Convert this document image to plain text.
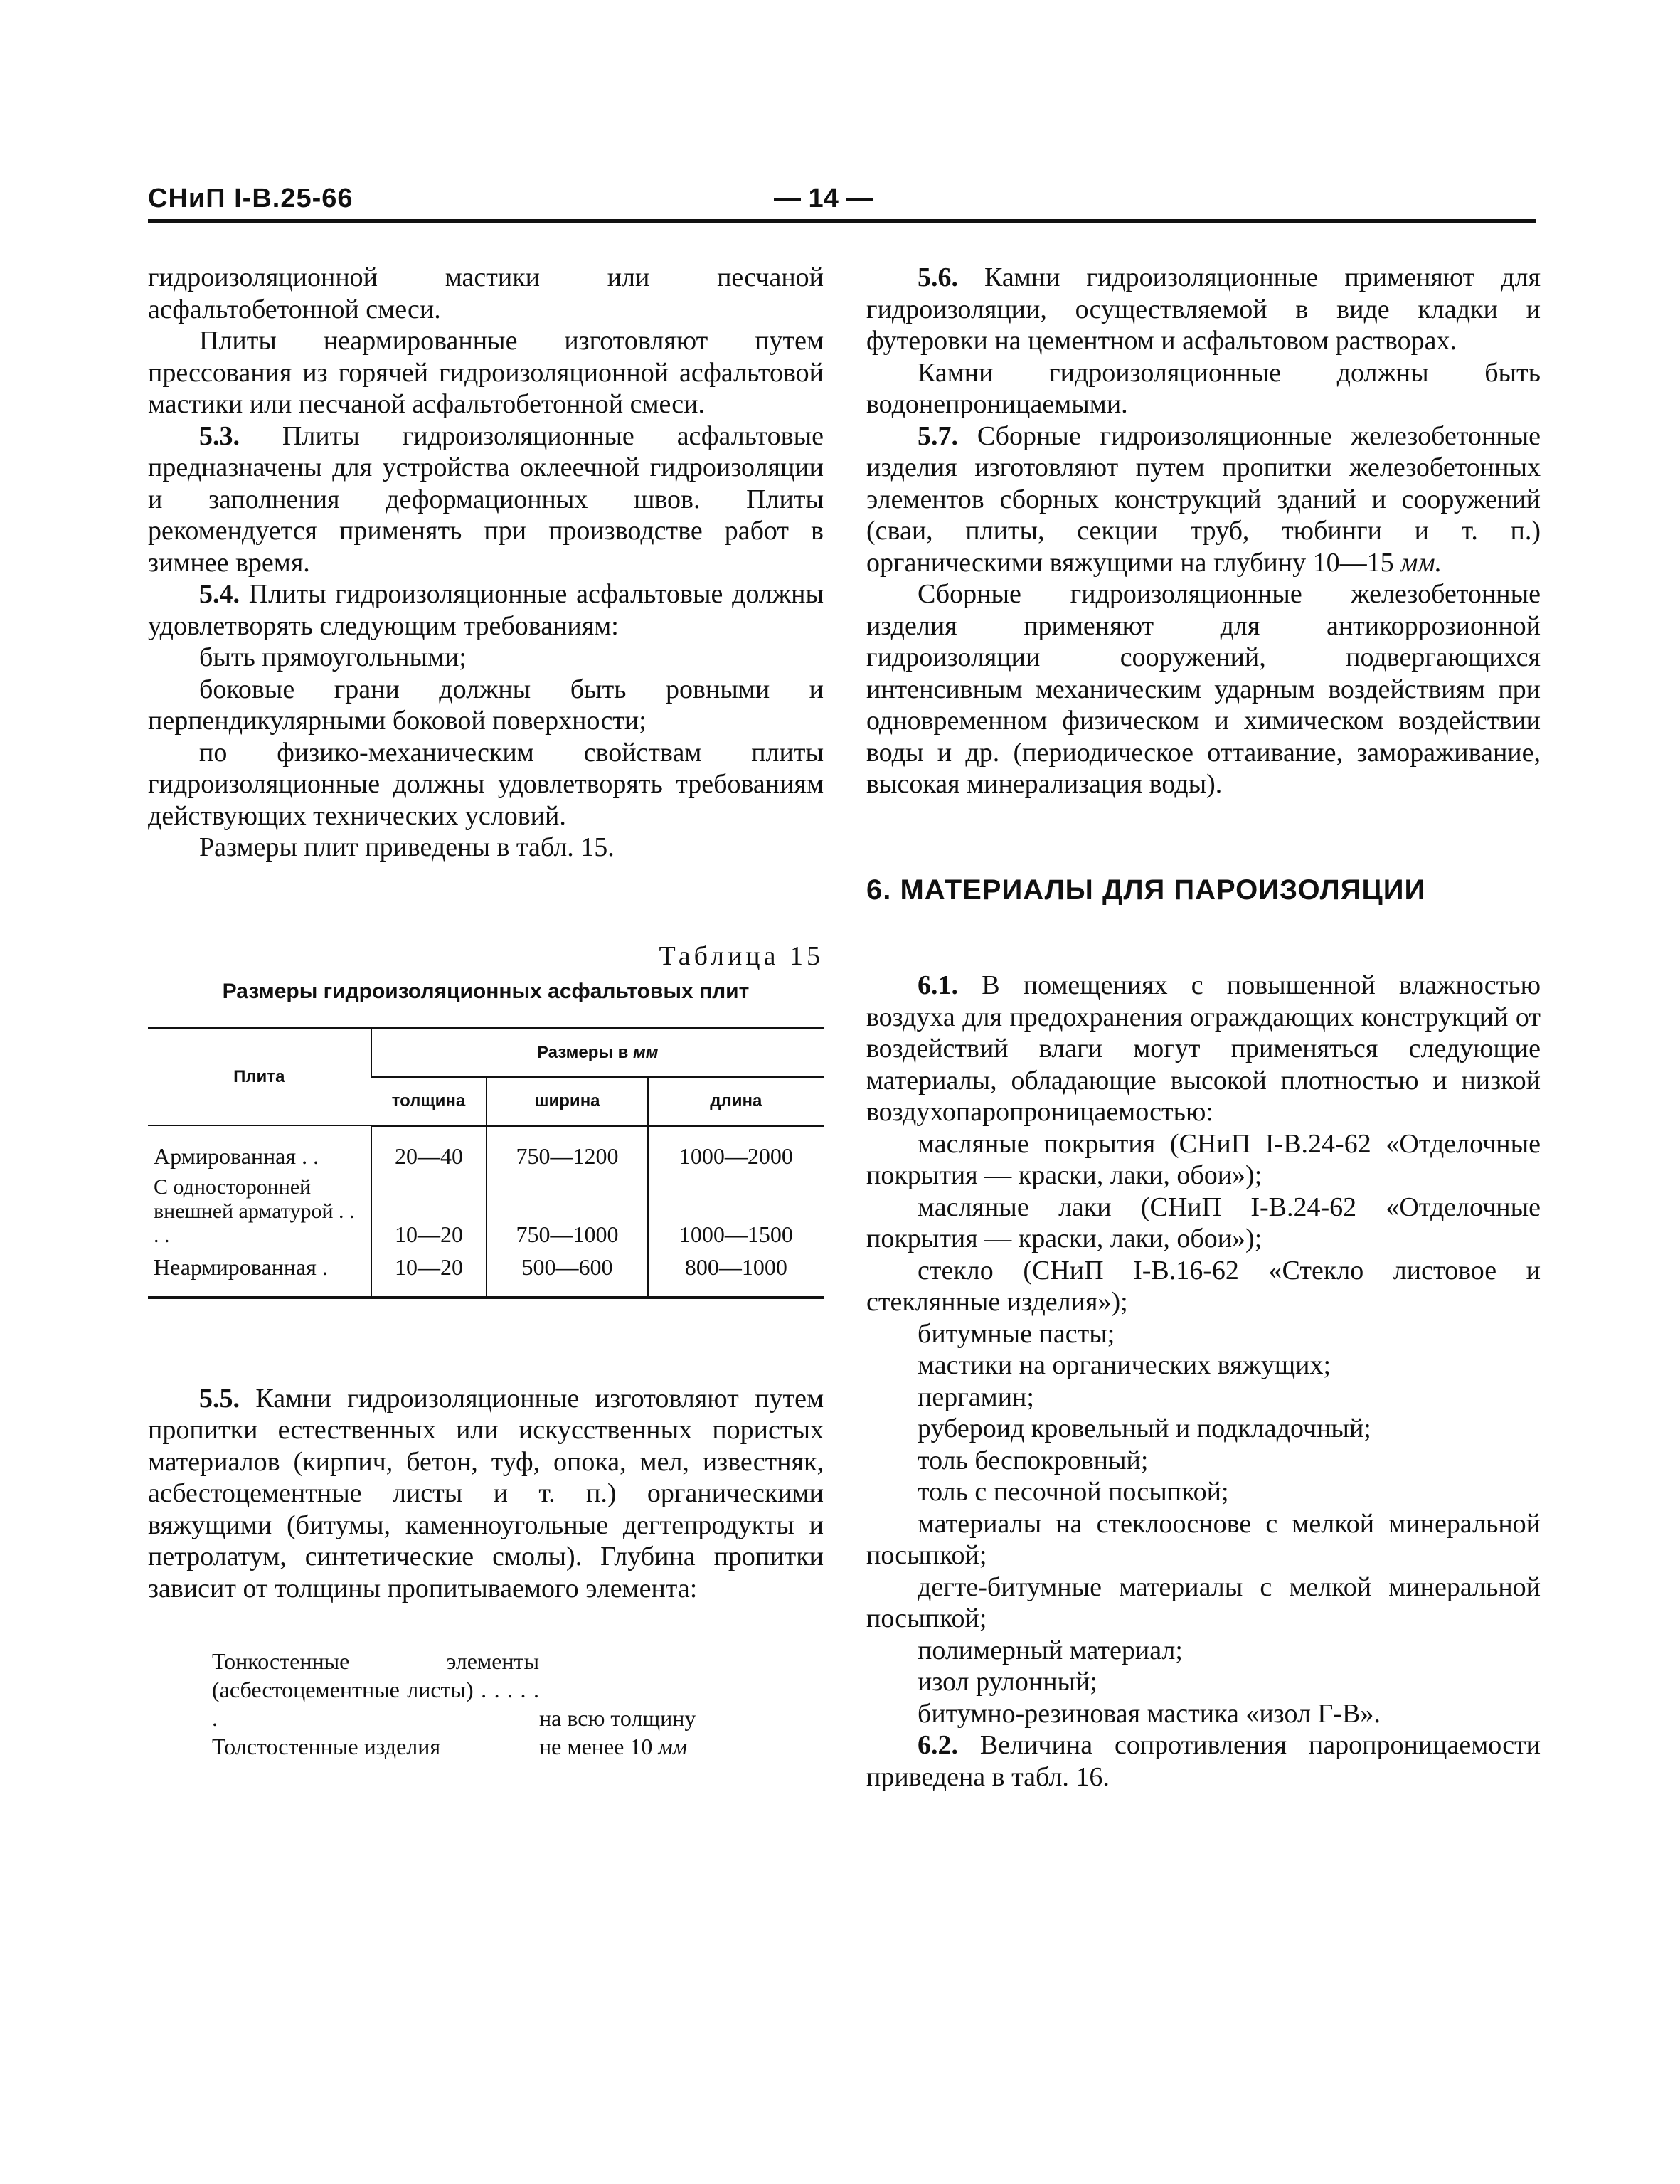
СНиП I-B.25-66	— 14 —

гидроизоляционной мастики или песчаной асфальтобетонной смеси.

Плиты неармированные изготовляют путем прессования из горячей гидроизоляционной асфальтовой мастики или песчаной асфальтобетонной смеси.

5.3. Плиты гидроизоляционные асфальтовые предназначены для устройства оклеечной гидроизоляции и заполнения деформационных швов. Плиты рекомендуется применять при производстве работ в зимнее время.

5.4. Плиты гидроизоляционные асфальтовые должны удовлетворять следующим требованиям:

быть прямоугольными;

боковые грани должны быть ровными и перпендикулярными боковой поверхности;

по физико-механическим свойствам плиты гидроизоляционные должны удовлетворять требованиям действующих технических условий.

Размеры плит приведены в табл. 15.

Таблица 15
Размеры гидроизоляционных асфальтовых плит
Плита	Размеры в мм		
	толщина	ширина	длина
Армированная . .	20—40	750—1200	1000—2000
С односторонней внешней арматурой . . . .	10—20	750—1000	1000—1500
Неармированная .	10—20	500—600	800—1000

5.5. Камни гидроизоляционные изготовляют путем пропитки естественных или искусственных пористых материалов (кирпич, бетон, туф, опока, мел, известняк, асбестоцементные листы и т. п.) органическими вяжущими (битумы, каменноугольные дегтепродукты и петролатум, синтетические смолы). Глубина пропитки зависит от толщины пропитываемого элемента:

Тонкостенные элементы (асбестоцементные листы) . . . . . .	на всю толщину
Толстостенные изделия	не менее 10 мм

5.6. Камни гидроизоляционные применяют для гидроизоляции, осуществляемой в виде кладки и футеровки на цементном и асфальтовом растворах.

Камни гидроизоляционные должны быть водонепроницаемыми.

5.7. Сборные гидроизоляционные железобетонные изделия изготовляют путем пропитки железобетонных элементов сборных конструкций зданий и сооружений (сваи, плиты, секции труб, тюбинги и т. п.) органическими вяжущими на глубину 10—15 мм.

Сборные гидроизоляционные железобетонные изделия применяют для антикоррозионной гидроизоляции сооружений, подвергающихся интенсивным механическим ударным воздействиям при одновременном физическом и химическом воздействии воды и др. (периодическое оттаивание, замораживание, высокая минерализация воды).

6. МАТЕРИАЛЫ ДЛЯ ПАРОИЗОЛЯЦИИ

6.1. В помещениях с повышенной влажностью воздуха для предохранения ограждающих конструкций от воздействий влаги могут применяться следующие материалы, обладающие высокой плотностью и низкой воздухопаропроницаемостью:

масляные покрытия (СНиП I-B.24-62 «Отделочные покрытия — краски, лаки, обои»);

масляные лаки (СНиП I-B.24-62 «Отделочные покрытия — краски, лаки, обои»);

стекло (СНиП I-B.16-62 «Стекло листовое и стеклянные изделия»);

битумные пасты;

мастики на органических вяжущих;

пергамин;

рубероид кровельный и подкладочный;

толь беспокровный;

толь с песочной посыпкой;

материалы на стеклооснове с мелкой минеральной посыпкой;

дегте-битумные материалы с мелкой минеральной посыпкой;

полимерный материал;

изол рулонный;

битумно-резиновая мастика «изол Г-В».

6.2. Величина сопротивления паропроницаемости приведена в табл. 16.
